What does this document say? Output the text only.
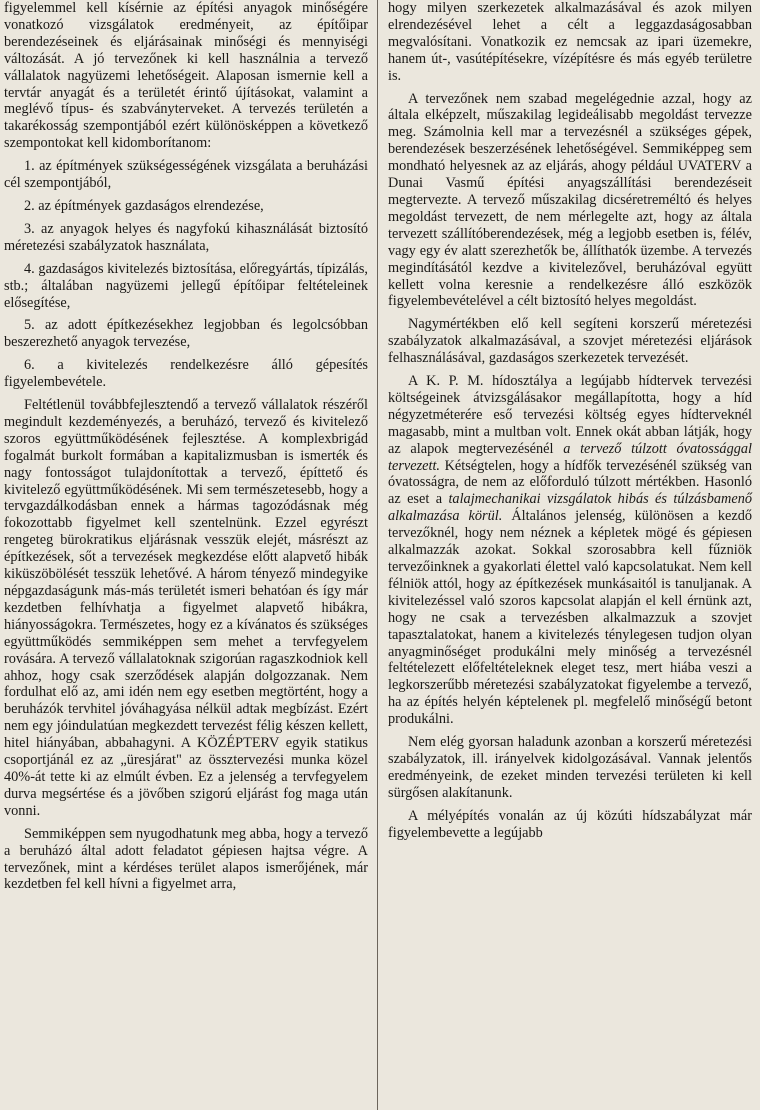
figyelemmel kell kísérnie az építési anyagok minőségére vonatkozó vizsgálatok eredményeit, az építőipar berendezéseinek és eljárásainak minőségi és mennyiségi változását. A jó tervezőnek ki kell használnia a tervező vállalatok nagyüzemi lehetőségeit. Alaposan ismernie kell a tervtár anyagát és a területét érintő újításokat, valamint a meglévő típus- és szabványterveket. A tervezés területén a takarékosság szempontjából ezért különösképpen a következő szempontokat kell kidomborítanom:

1. az építmények szükségességének vizsgálata a beruházási cél szempontjából,

2. az építmények gazdaságos elrendezése,

3. az anyagok helyes és nagyfokú kihasználását biztosító méretezési szabályzatok használata,

4. gazdaságos kivitelezés biztosítása, előregyártás, típizálás, stb.; általában nagyüzemi jellegű építőipar feltételeinek elősegítése,

5. az adott építkezésekhez legjobban és legolcsóbban beszerezhető anyagok tervezése,

6. a kivitelezés rendelkezésre álló gépesítés figyelembevétele.

Feltétlenül továbbfejlesztendő a tervező vállalatok részéről megindult kezdeményezés, a beruházó, tervező és kivitelező szoros együttműködésének fejlesztése. A komplexbrigád fogalmát burkolt formában a kapitalizmusban is ismerték és nagy fontosságot tulajdonítottak a tervező, építtető és kivitelező együttműködésének. Mi sem természetesebb, hogy a tervgazdálkodásban ennek a hármas tagozódásnak még fokozottabb figyelmet kell szentelnünk. Ezzel egyrészt rengeteg bürokratikus eljárásnak vesszük elejét, másrészt az építkezések, sőt a tervezések megkezdése előtt alapvető hibák kiküszöbölését tesszük lehetővé. A három tényező mindegyike népgazdaságunk más-más területét ismeri behatóan és így már kezdetben felhívhatja a figyelmet alapvető hibákra, hiányosságokra. Természetes, hogy ez a kívánatos és szükséges együttműködés semmiképpen sem mehet a tervfegyelem rovására. A tervező vállalatoknak szigorúan ragaszkodniok kell ahhoz, hogy csak szerződések alapján dolgozzanak. Nem fordulhat elő az, ami idén nem egy esetben megtörtént, hogy a beruházók tervhitel jóváhagyása nélkül adtak megbízást. Ezért nem egy jóindulatúan megkezdett tervezést félig készen kellett, hitel hiányában, abbahagyni. A KÖZÉPTERV egyik statikus csoportjánál ez az „üresjárat" az össztervezési munka közel 40%-át tette ki az elmúlt évben. Ez a jelenség a tervfegyelem durva megsértése és a jövőben szigorú eljárást fog maga után vonni.

Semmiképpen sem nyugodhatunk meg abba, hogy a tervező a beruházó által adott feladatot gépiesen hajtsa végre. A tervezőnek, mint a kérdéses terület alapos ismerőjének, már kezdetben fel kell hívni a figyelmet arra,

hogy milyen szerkezetek alkalmazásával és azok milyen elrendezésével lehet a célt a leggazdaságosabban megvalósítani. Vonatkozik ez nemcsak az ipari üzemekre, hanem út-, vasútépítésekre, vízépítésre és más egyéb területre is.

A tervezőnek nem szabad megelégednie azzal, hogy az általa elképzelt, műszakilag legideálisabb megoldást tervezze meg. Számolnia kell mar a tervezésnél a szükséges gépek, berendezések beszerzésének lehetőségével. Semmiképpeg sem mondható helyesnek az az eljárás, ahogy például UVATERV a Dunai Vasmű építési anyagszállítási berendezéseit megtervezte. A tervező műszakilag dicséretreméltó és helyes megoldást tervezett, de nem mérlegelte azt, hogy az általa tervezett szállítóberendezések, még a legjobb esetben is, félév, vagy egy év alatt szerezhetők be, állíthatók üzembe. A tervezés megindításától kezdve a kivitelezővel, beruházóval együtt kellett volna keresnie a rendelkezésre álló eszközök figyelembevételével a célt biztosító helyes megoldást.

Nagymértékben elő kell segíteni korszerű méretezési szabályzatok alkalmazásával, a szovjet méretezési eljárások felhasználásával, gazdaságos szerkezetek tervezését.

A K. P. M. hídosztálya a legújabb hídtervek tervezési költségeinek átvizsgálásakor megállapította, hogy a híd négyzetméterére eső tervezési költség egyes hídterveknél magasabb, mint a multban volt. Ennek okát abban látják, hogy az alapok megtervezésénél a tervező túlzott óvatossággal tervezett. Kétségtelen, hogy a hídfők tervezésénél szükség van óvatosságra, de nem az előforduló túlzott mértékben. Hasonló az eset a talajmechanikai vizsgálatok hibás és túlzásbamenő alkalmazása körül. Általános jelenség, különösen a kezdő tervezőknél, hogy nem néznek a képletek mögé és gépiesen alkalmazzák azokat. Sokkal szorosabbra kell fűzniök tervezőinknek a gyakorlati élettel való kapcsolatukat. Nem kell félniök attól, hogy az építkezések munkásaitól is tanuljanak. A kivitelezéssel való szoros kapcsolat alapján el kell érnünk azt, hogy ne csak a tervezésben alkalmazzuk a szovjet tapasztalatokat, hanem a kivitelezés ténylegesen tudjon olyan anyagminőséget produkálni mely minőség a tervezésnél feltételezett előfeltételeknek eleget tesz, mert hiába veszi a legkorszerűbb méretezési szabályzatokat figyelembe a tervező, ha az építés helyén képtelenek pl. megfelelő minőségű betont produkálni.

Nem elég gyorsan haladunk azonban a korszerű méretezési szabályzatok, ill. irányelvek kidolgozásával. Vannak jelentős eredményeink, de ezeket minden tervezési területen ki kell sürgősen alakítanunk.

A mélyépítés vonalán az új közúti hídszabályzat már figyelembevette a legújabb
